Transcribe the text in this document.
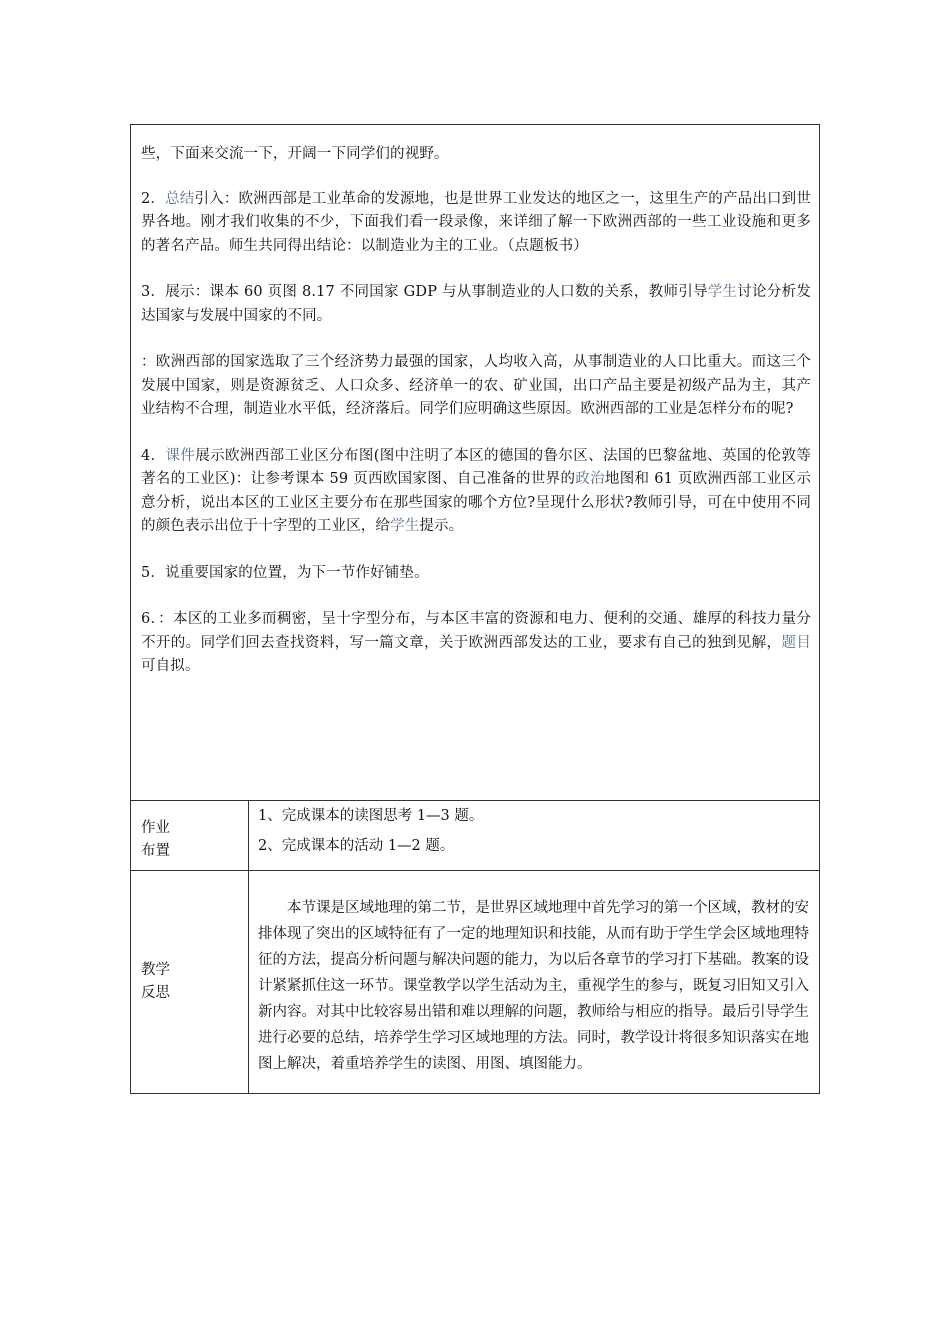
些，下面来交流一下，开阔一下同学们的视野。

2．总结引入：欧洲西部是工业革命的发源地，也是世界工业发达的地区之一，这里生产的产品出口到世界各地。刚才我们收集的不少，下面我们看一段录像，来详细了解一下欧洲西部的一些工业设施和更多的著名产品。师生共同得出结论：以制造业为主的工业。（点题板书）

3．展示：课本 60 页图 8.17 不同国家 GDP 与从事制造业的人口数的关系，教师引导学生讨论分析发达国家与发展中国家的不同。

：欧洲西部的国家选取了三个经济势力最强的国家，人均收入高，从事制造业的人口比重大。而这三个发展中国家，则是资源贫乏、人口众多、经济单一的农、矿业国，出口产品主要是初级产品为主，其产业结构不合理，制造业水平低，经济落后。同学们应明确这些原因。欧洲西部的工业是怎样分布的呢?

4．课件展示欧洲西部工业区分布图(图中注明了本区的德国的鲁尔区、法国的巴黎盆地、英国的伦敦等著名的工业区)：让参考课本 59 页西欧国家图、自己准备的世界的政治地图和 61 页欧洲西部工业区示意分析，说出本区的工业区主要分布在那些国家的哪个方位?呈现什么形状?教师引导，可在中使用不同的颜色表示出位于十字型的工业区，给学生提示。

5．说重要国家的位置，为下一节作好铺垫。

6．：本区的工业多而稠密，呈十字型分布，与本区丰富的资源和电力、便利的交通、雄厚的科技力量分不开的。同学们回去查找资料，写一篇文章，关于欧洲西部发达的工业，要求有自己的独到见解，题目可自拟。

作业
布置
1、完成课本的读图思考 1—3 题。
2、完成课本的活动 1—2 题。
教学
反思
本节课是区域地理的第二节，是世界区域地理中首先学习的第一个区域，教材的安排体现了突出的区域特征有了一定的地理知识和技能，从而有助于学生学会区域地理特征的方法，提高分析问题与解决问题的能力，为以后各章节的学习打下基础。教案的设计紧紧抓住这一环节。课堂教学以学生活动为主，重视学生的参与，既复习旧知又引入新内容。对其中比较容易出错和难以理解的问题，教师给与相应的指导。最后引导学生进行必要的总结，培养学生学习区域地理的方法。同时，教学设计将很多知识落实在地图上解决，着重培养学生的读图、用图、填图能力。
